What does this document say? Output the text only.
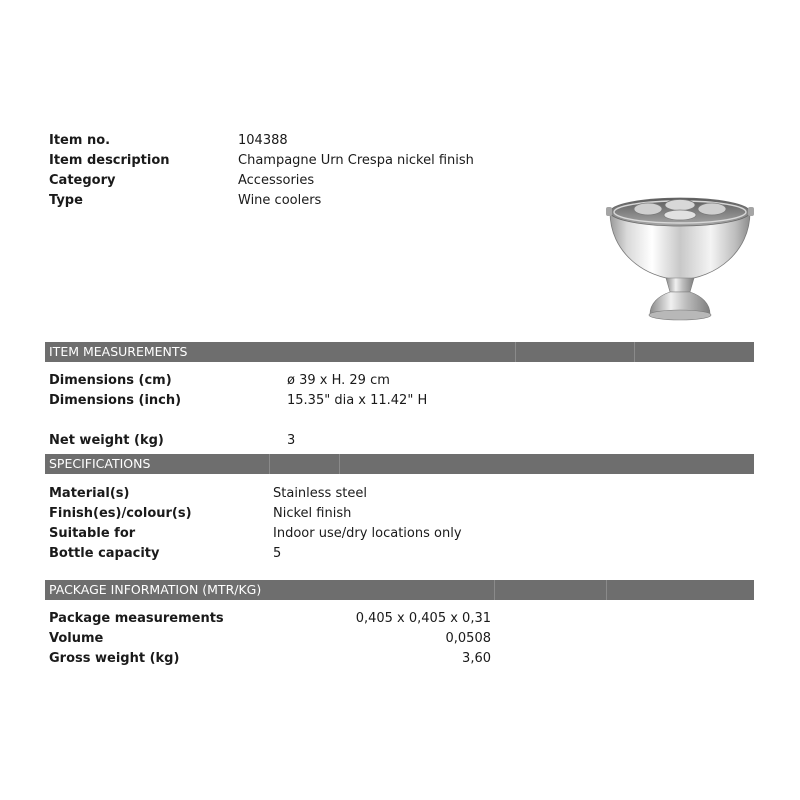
Item no.	104388
Item description	Champagne Urn Crespa nickel finish
Category	Accessories
Type	Wine coolers
ITEM MEASUREMENTS
Dimensions (cm)	ø 39 x H. 29 cm
Dimensions (inch)	15.35" dia x 11.42" H
Net weight (kg)	3
SPECIFICATIONS
Material(s)	Stainless steel
Finish(es)/colour(s)	Nickel finish
Suitable for	Indoor use/dry locations only
Bottle capacity	5
PACKAGE INFORMATION (MTR/KG)
Package measurements	0,405 x 0,405 x 0,31
Volume	0,0508
Gross weight (kg)	3,60
